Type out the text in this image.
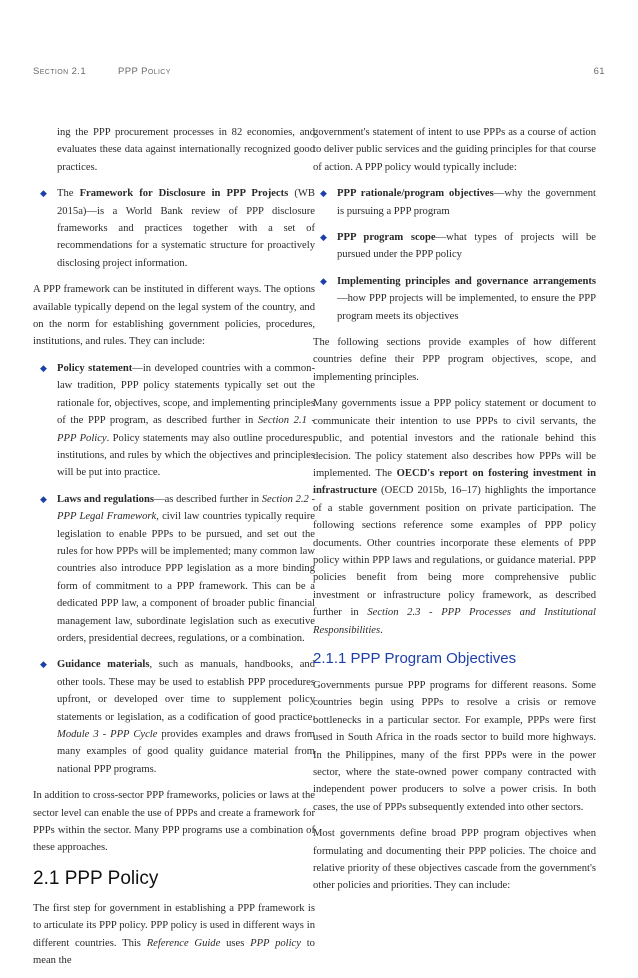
Section 2.1	PPP Policy	61

ing the PPP procurement processes in 82 economies, and evaluates these data against internationally recognized good practices.

◆ The Framework for Disclosure in PPP Projects (WB 2015a)—is a World Bank review of PPP disclosure frameworks and practices together with a set of recommendations for a systematic structure for proactively disclosing project information.

A PPP framework can be instituted in different ways. The options available typically depend on the legal system of the country, and on the norm for establishing government policies, procedures, institutions, and rules. They can include:

◆ Policy statement—in developed countries with a common-law tradition, PPP policy statements typically set out the rationale for, objectives, scope, and implementing principles of the PPP program, as described further in Section 2.1 - PPP Policy. Policy statements may also outline procedures, institutions, and rules by which the objectives and principles will be put into practice.
◆ Laws and regulations—as described further in Section 2.2 - PPP Legal Framework, civil law countries typically require legislation to enable PPPs to be pursued, and set out the rules for how PPPs will be implemented; many common law countries also introduce PPP legislation as a more binding form of commitment to a PPP framework. This can be a dedicated PPP law, a component of broader public financial management law, subordinate legislation such as executive orders, presidential decrees, regulations, or a combination.
◆ Guidance materials, such as manuals, handbooks, and other tools. These may be used to establish PPP procedures upfront, or developed over time to supplement policy statements or legislation, as a codification of good practice. Module 3 - PPP Cycle provides examples and draws from many examples of good quality guidance material from national PPP programs.

In addition to cross-sector PPP frameworks, policies or laws at the sector level can enable the use of PPPs and create a framework for PPPs within the sector. Many PPP programs use a combination of these approaches.

2.1 PPP Policy

The first step for government in establishing a PPP framework is to articulate its PPP policy. PPP policy is used in different ways in different countries. This Reference Guide uses PPP policy to mean the

government's statement of intent to use PPPs as a course of action to deliver public services and the guiding principles for that course of action. A PPP policy would typically include:

◆ PPP rationale/program objectives—why the government is pursuing a PPP program
◆ PPP program scope—what types of projects will be pursued under the PPP policy
◆ Implementing principles and governance arrangements—how PPP projects will be implemented, to ensure the PPP program meets its objectives

The following sections provide examples of how different countries define their PPP program objectives, scope, and implementing principles.

Many governments issue a PPP policy statement or document to communicate their intention to use PPPs to civil servants, the public, and potential investors and the rationale behind this decision. The policy statement also describes how PPPs will be implemented. The OECD's report on fostering investment in infrastructure (OECD 2015b, 16–17) highlights the importance of a stable government position on private participation. The following sections reference some examples of PPP policy documents. Other countries incorporate these elements of PPP policy within PPP laws and regulations, or guidance material. PPP policies benefit from being more comprehensive public investment or infrastructure policy framework, as described further in Section 2.3 - PPP Processes and Institutional Responsibilities.

2.1.1 PPP Program Objectives

Governments pursue PPP programs for different reasons. Some countries begin using PPPs to resolve a crisis or remove bottlenecks in a particular sector. For example, PPPs were first used in South Africa in the roads sector to build more highways. In the Philippines, many of the first PPPs were in the power sector, where the state-owned power company contracted with independent power producers to solve a power crisis. In both cases, the use of PPPs subsequently extended into other sectors.

Most governments define broad PPP program objectives when formulating and documenting their PPP policies. The choice and relative priority of these objectives cascade from the government's other policies and priorities. They can include:
